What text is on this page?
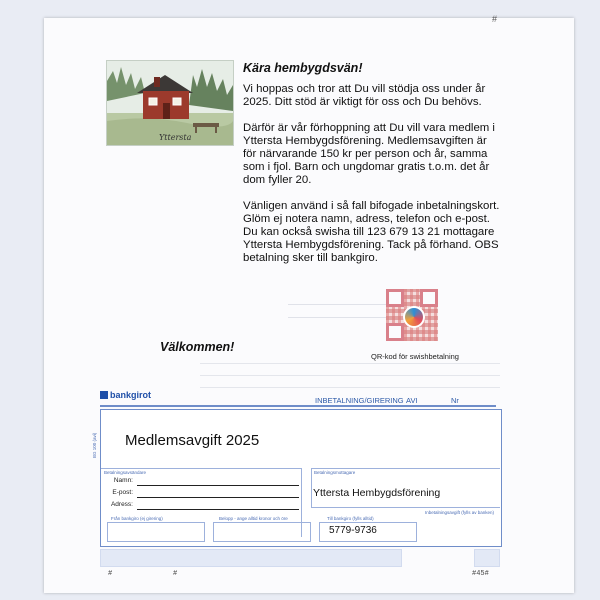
#
Yttersta
Kära hembygdsvän!

Vi hoppas och tror att Du vill stödja oss under år 2025. Ditt stöd är viktigt för oss och Du behövs.

Därför är vår förhoppning att Du vill vara medlem i Yttersta Hembygdsförening. Medlemsavgiften är för närvarande 150 kr per person och år, samma som i fjol. Barn och ungdomar gratis t.o.m. det år dom fyller 20.

Vänligen använd i så fall bifogade inbetalningskort. Glöm ej notera namn, adress, telefon och e-post. Du kan också swisha till 123 679 13 21 mottagare Yttersta Hembygdsförening. Tack på förhand. OBS betalning sker till bankgiro.

QR-kod för swishbetalning
Välkommen!
bankgirot
INBETALNING/GIRERING AVI	Nr
BG 100 (avi) Medlemsavgift 2025
Betalningsavsändare	Betalningsmottagare
Yttersta Hembygdsförening
Inbetalningsavgift (fylls av banken)
Namn:
E-post:
Adress:
Från bankgiro (ej girering)	Belopp - ange alltid kronor och öre	Till bankgiro (fylls alltid)
5779-9736
#	#	#45#
